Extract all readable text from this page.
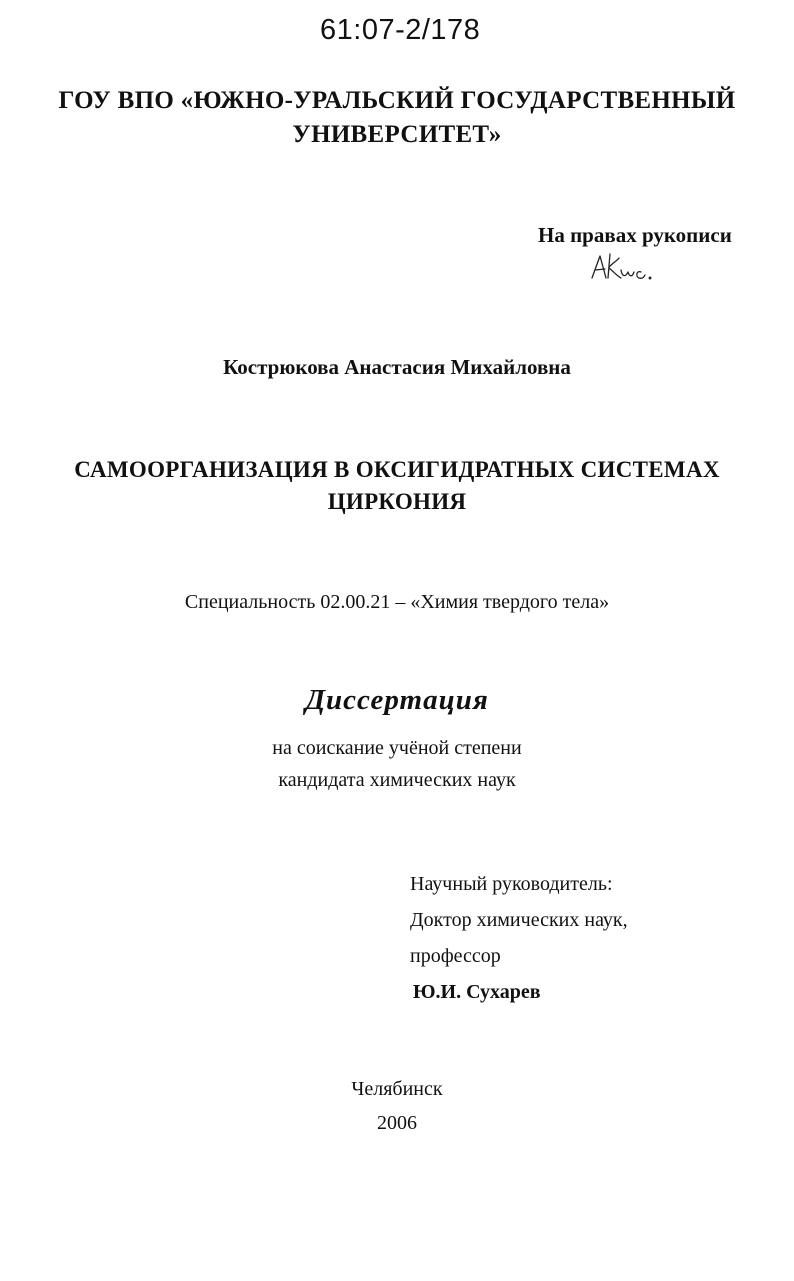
61:07-2/178
ГОУ ВПО «ЮЖНО-УРАЛЬСКИЙ ГОСУДАРСТВЕННЫЙ
УНИВЕРСИТЕТ»
На правах рукописи
Кострюкова Анастасия Михайловна
САМООРГАНИЗАЦИЯ В ОКСИГИДРАТНЫХ СИСТЕМАХ
ЦИРКОНИЯ
Специальность 02.00.21 – «Химия твердого тела»
Диссертация
на соискание учёной степени
кандидата химических наук
Научный руководитель:
Доктор химических наук,
профессор
Ю.И. Сухарев
Челябинск
2006
